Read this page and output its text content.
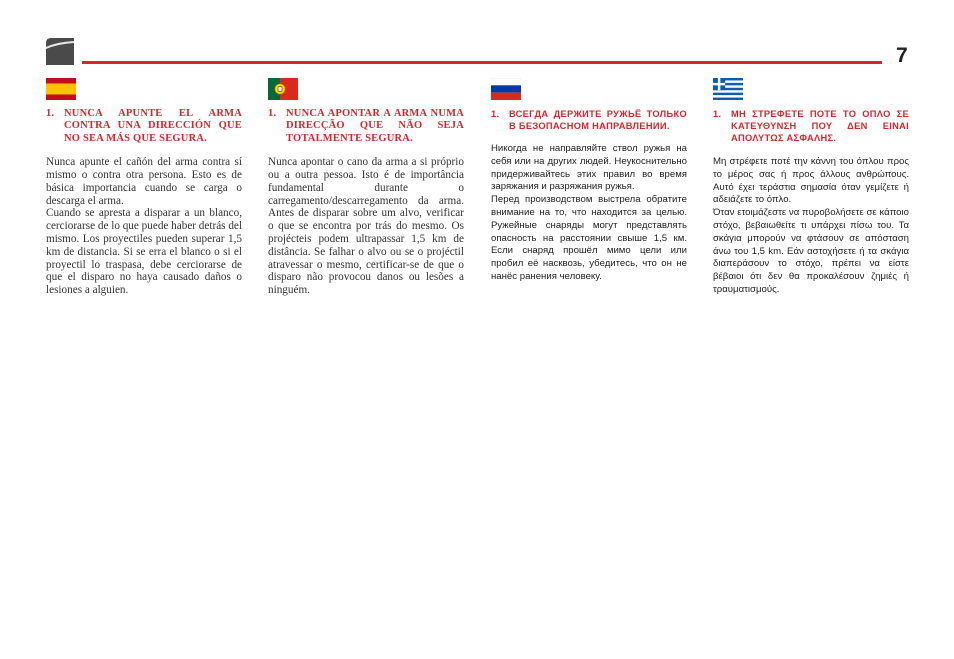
7
1. NUNCA APUNTE EL ARMA CONTRA UNA DIRECCIÓN QUE NO SEA MÁS QUE SEGURA.
Nunca apunte el cañón del arma contra sí mismo o contra otra persona. Esto es de básica importancia cuando se carga o descarga el arma.
Cuando se apresta a disparar a un blanco, cerciorarse de lo que puede haber detrás del mismo. Los proyectiles pueden superar 1,5 km de distancia. Si se erra el blanco o si el proyectil lo traspasa, debe cerciorarse de que el disparo no haya causado daños o lesiones a alguien.
1. NUNCA APONTAR A ARMA NUMA DIRECÇÃO QUE NÃO SEJA TOTALMENTE SEGURA.
Nunca apontar o cano da arma a si próprio ou a outra pessoa. Isto é de importância fundamental durante o carregamento/descarregamento da arma. Antes de disparar sobre um alvo, verificar o que se encontra por trás do mesmo. Os projécteis podem ultrapassar 1,5 km de distância. Se falhar o alvo ou se o projéctil atravessar o mesmo, certificar-se de que o disparo não provocou danos ou lesões a ninguém.
1.	ВСЕГДА ДЕРЖИТЕ РУЖЬЁ ТОЛЬКО В БЕЗОПАСНОМ НАПРАВЛЕНИИ.
Никогда не направляйте ствол ружья на себя или на других людей. Неукоснительно придерживайтесь этих правил во время заряжания и разряжания ружья.
Перед производством выстрела обратите внимание на то, что находится за целью. Ружейные снаряды могут представлять опасность на расстоянии свыше 1,5 км. Если снаряд прошёл мимо цели или пробил её насквозь, убедитесь, что он не нанёс ранения человеку.
1.	ΜΗ ΣΤΡΕΦΕΤΕ ΠΟΤΕ ΤΟ ΟΠΛΟ ΣΕ ΚΑΤΕΥΘΥΝΣΗ ΠΟΥ ΔΕΝ ΕΙΝΑΙ ΑΠΟΛΥΤΩΣ ΑΣΦΑΛΗΣ.
Μη στρέφετε ποτέ την κάννη του όπλου προς το μέρος σας ή προς άλλους ανθρώπους. Αυτό έχει τεράστια σημασία όταν γεμίζετε ή αδειάζετε το όπλο.
Όταν ετοιμάζεστε να πυροβολήσετε σε κάποιο στόχο, βεβαιωθείτε τι υπάρχει πίσω του. Τα σκάγια μπορούν να φτάσουν σε απόσταση άνω του 1,5 km. Εάν αστοχήσετε ή τα σκάγια διαπεράσουν το στόχο, πρέπει να είστε βέβαιοι ότι δεν θα προκαλέσουν ζημιές ή τραυματισμούς.
